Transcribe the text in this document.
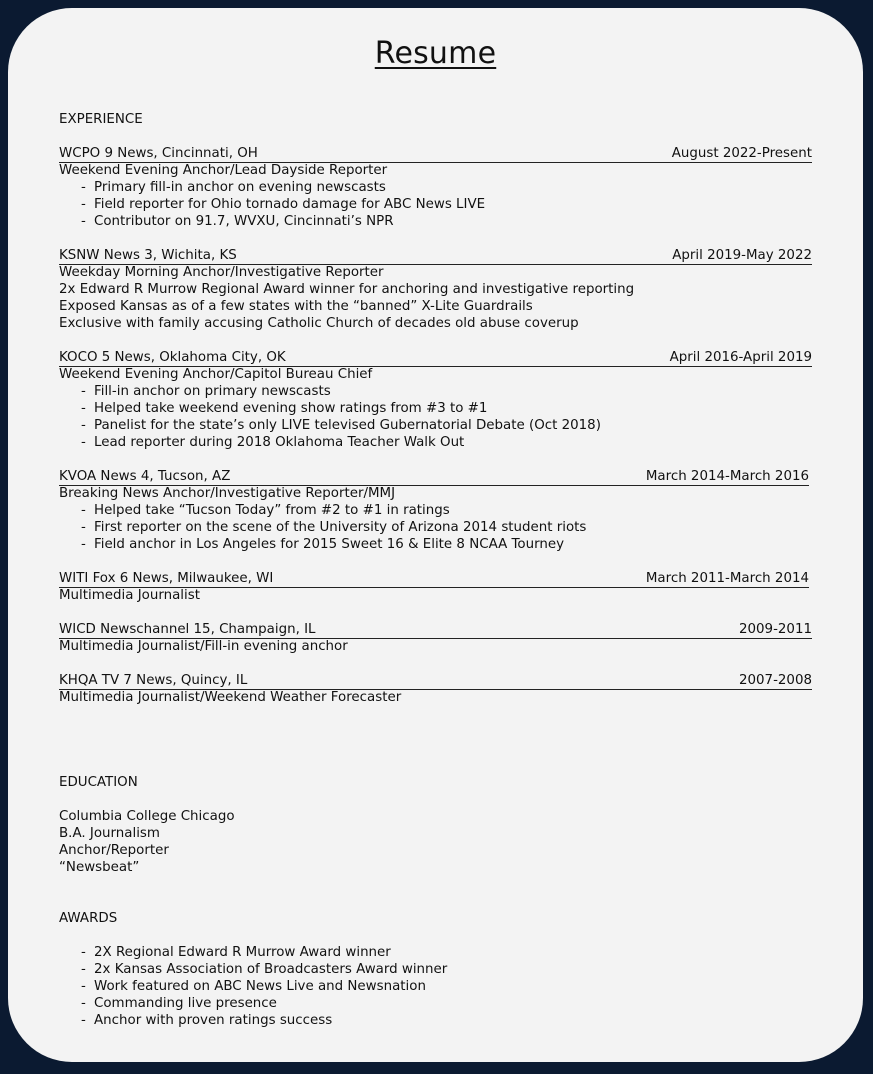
Resume
EXPERIENCE
WCPO 9 News, Cincinnati, OH	August 2022-Present
Weekend Evening Anchor/Lead Dayside Reporter
- Primary fill-in anchor on evening newscasts
- Field reporter for Ohio tornado damage for ABC News LIVE
- Contributor on 91.7, WVXU, Cincinnati’s NPR
KSNW News 3, Wichita, KS	April 2019-May 2022
Weekday Morning Anchor/Investigative Reporter
2x Edward R Murrow Regional Award winner for anchoring and investigative reporting
Exposed Kansas as of a few states with the “banned” X-Lite Guardrails
Exclusive with family accusing Catholic Church of decades old abuse coverup
KOCO 5 News, Oklahoma City, OK	April 2016-April 2019
Weekend Evening Anchor/Capitol Bureau Chief
- Fill-in anchor on primary newscasts
- Helped take weekend evening show ratings from #3 to #1
- Panelist for the state’s only LIVE televised Gubernatorial Debate (Oct 2018)
- Lead reporter during 2018 Oklahoma Teacher Walk Out
KVOA News 4, Tucson, AZ	March 2014-March 2016
Breaking News Anchor/Investigative Reporter/MMJ
- Helped take “Tucson Today” from #2 to #1 in ratings
- First reporter on the scene of the University of Arizona 2014 student riots
- Field anchor in Los Angeles for 2015 Sweet 16 & Elite 8 NCAA Tourney
WITI Fox 6 News, Milwaukee, WI	March 2011-March 2014
Multimedia Journalist
WICD Newschannel 15, Champaign, IL	2009-2011
Multimedia Journalist/Fill-in evening anchor
KHQA TV 7 News, Quincy, IL	2007-2008
Multimedia Journalist/Weekend Weather Forecaster
EDUCATION
Columbia College Chicago
B.A. Journalism
Anchor/Reporter
“Newsbeat”
AWARDS
- 2X Regional Edward R Murrow Award winner
- 2x Kansas Association of Broadcasters Award winner
- Work featured on ABC News Live and Newsnation
- Commanding live presence
- Anchor with proven ratings success
